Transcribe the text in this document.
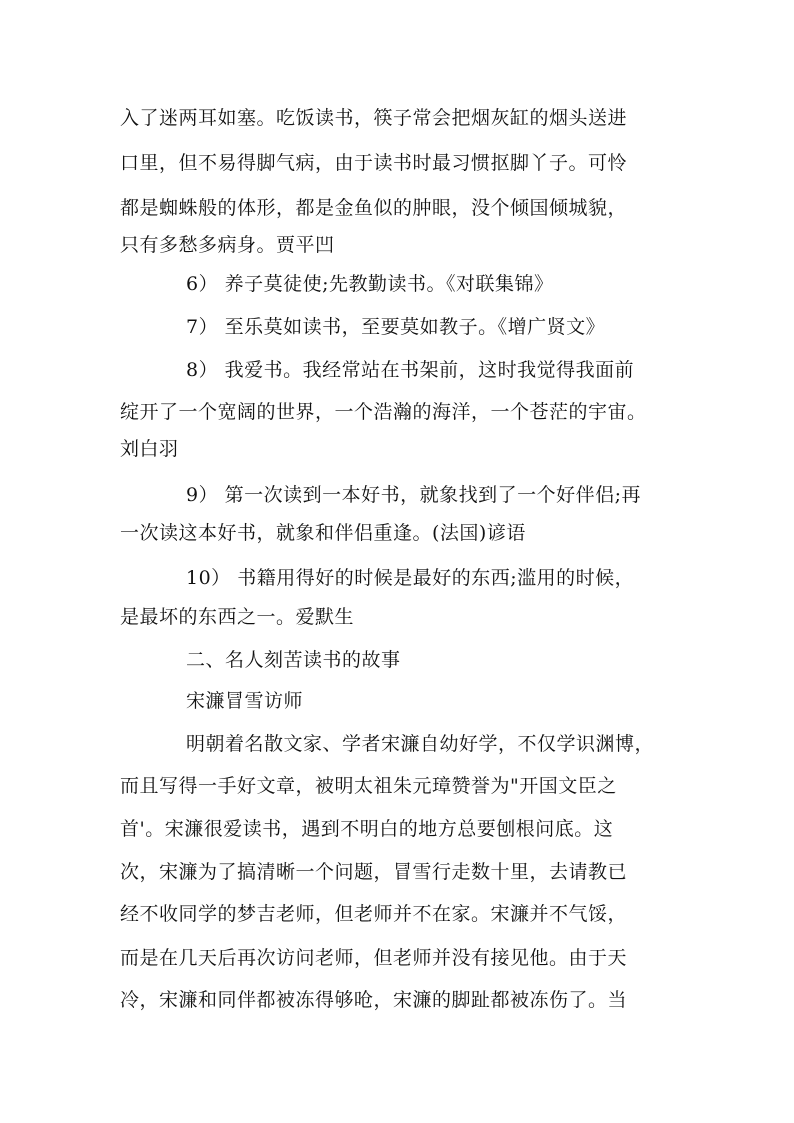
入了迷两耳如塞。吃饭读书，筷子常会把烟灰缸的烟头送进
口里，但不易得脚气病，由于读书时最习惯抠脚丫子。可怜
都是蜘蛛般的体形，都是金鱼似的肿眼，没个倾国倾城貌，
只有多愁多病身。贾平凹
6） 养子莫徒使;先教勤读书。《对联集锦》
7） 至乐莫如读书，至要莫如教子。《增广贤文》
8） 我爱书。我经常站在书架前，这时我觉得我面前
绽开了一个宽阔的世界，一个浩瀚的海洋，一个苍茫的宇宙。
刘白羽
9） 第一次读到一本好书，就象找到了一个好伴侣;再
一次读这本好书，就象和伴侣重逢。(法国)谚语
10） 书籍用得好的时候是最好的东西;滥用的时候，
是最坏的东西之一。爱默生
二、名人刻苦读书的故事
宋濂冒雪访师
明朝着名散文家、学者宋濂自幼好学，不仅学识渊博，
而且写得一手好文章，被明太祖朱元璋赞誉为"开国文臣之
首'。宋濂很爱读书，遇到不明白的地方总要刨根问底。这
次，宋濂为了搞清晰一个问题，冒雪行走数十里，去请教已
经不收同学的梦吉老师，但老师并不在家。宋濂并不气馁，
而是在几天后再次访问老师，但老师并没有接见他。由于天
冷，宋濂和同伴都被冻得够呛，宋濂的脚趾都被冻伤了。当
